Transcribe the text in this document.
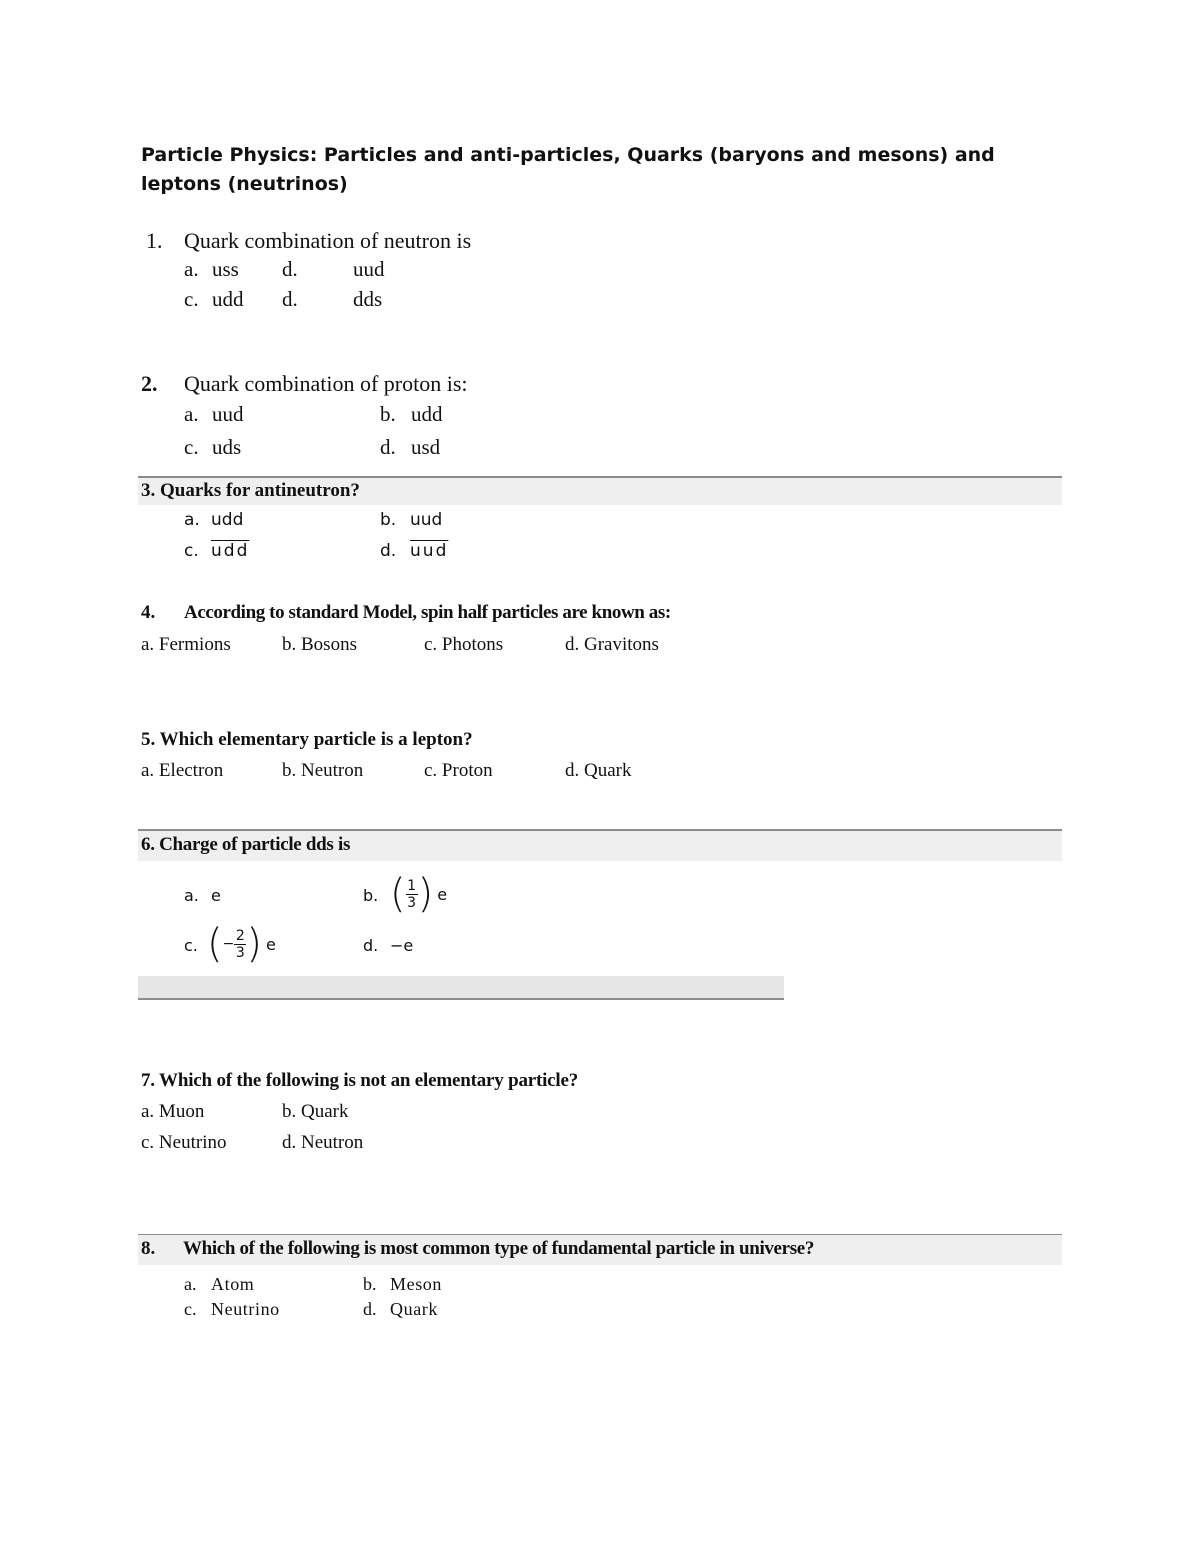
Particle Physics: Particles and anti-particles, Quarks (baryons and mesons) and
leptons (neutrinos)
1. Quark combination of neutron is
a. uss d.	uud
c. udd d.	dds
2. Quark combination of proton is:
a. uud	b. udd
c. uds	d. usd
3. Quarks for antineutron?
a. udd	b. uud
c. $\overline{u}\overline{d}\overline{d}$	d. $\overline{u}\overline{u}\overline{d}$
4. According to standard Model, spin half particles are known as:
a. Fermions	b. Bosons	c. Photons	d. Gravitons
5. Which elementary particle is a lepton?
a. Electron	b. Neutron	c. Proton	d. Quark
6. Charge of particle dds is
a. e	b. ( $\frac{1}{3}$ ) e
c. ( − $\frac{2}{3}$ ) e	d. −e
7. Which of the following is not an elementary particle?
a. Muon	b. Quark
c. Neutrino	d. Neutron
8. Which of the following is most common type of fundamental particle in universe?
a. Atom	b. Meson
c. Neutrino	d. Quark
